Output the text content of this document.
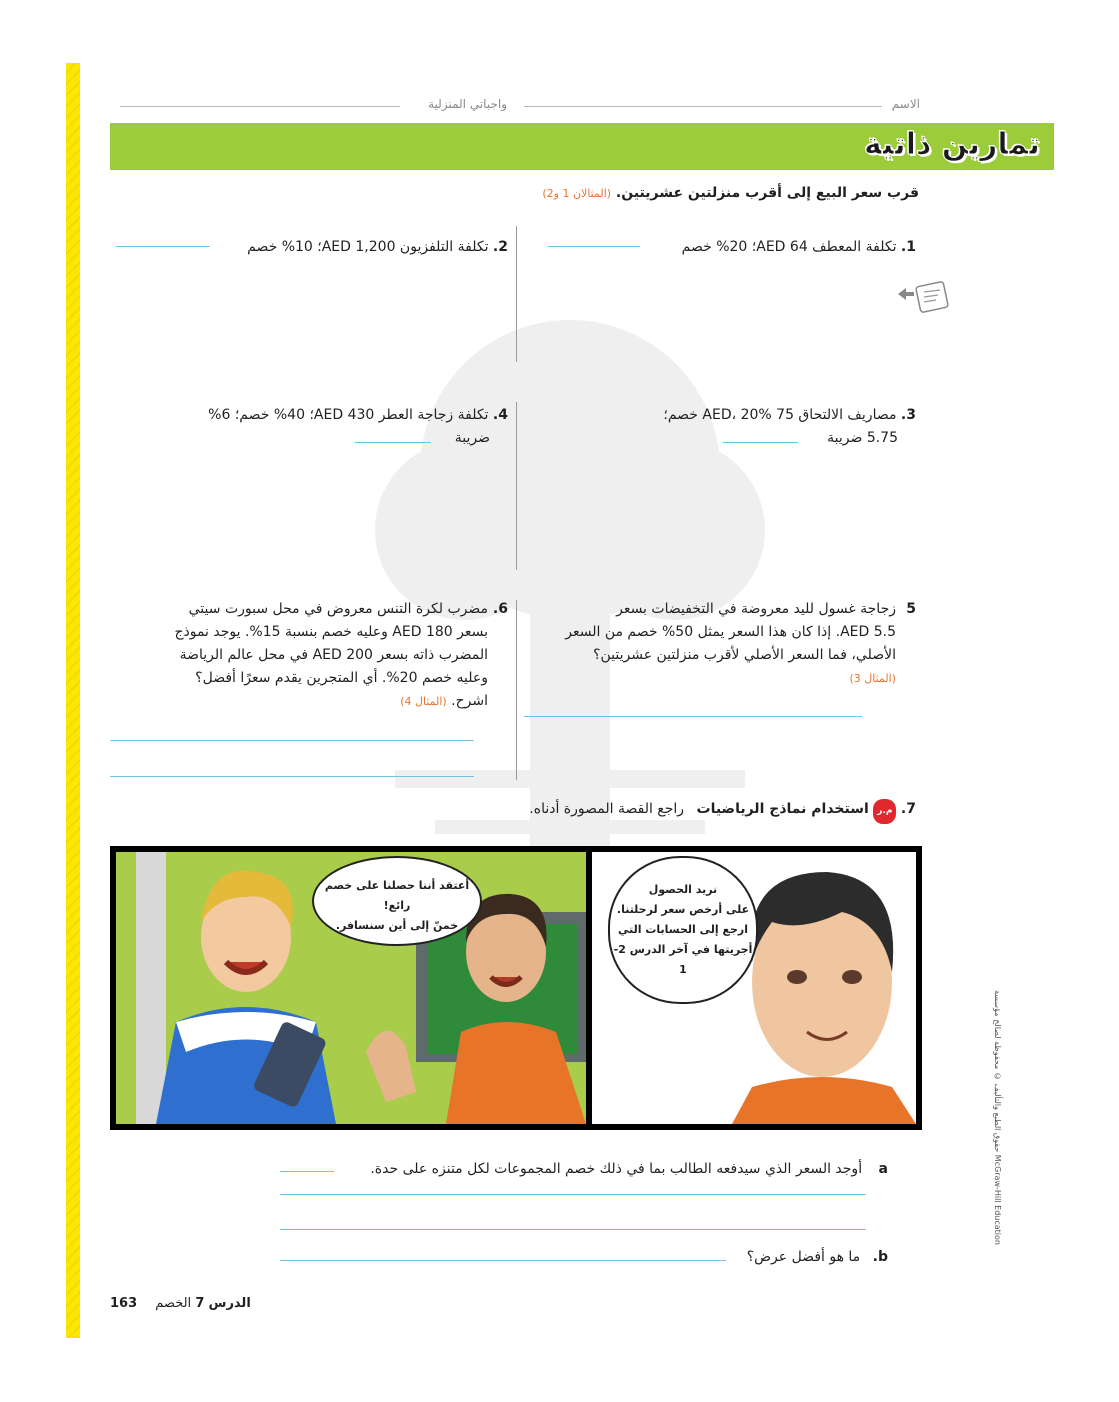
الاسم
واجباتي المنزلية
تمارين ذاتية
قرب سعر البيع إلى أقرب منزلتين عشريتين. (المثالان 1 و2)
1. تكلفة المعطف 64 AED؛ 20% خصم
2. تكلفة التلفزيون 1,200 AED؛ 10% خصم
3. مصاريف الالتحاق 75 AED، 20% خصم؛
5.75 ضريبة
4. تكلفة زجاجة العطر 430 AED؛ 40% خصم؛ 6%
ضريبة
5
زجاجة غسول لليد معروضة في التخفيضات بسعر
AED 5.5. إذا كان هذا السعر يمثل 50% خصم من السعر
الأصلي، فما السعر الأصلي لأقرب منزلتين عشريتين؟
(المثال 3)
6.
مضرب لكرة التنس معروض في محل سبورت سيتي
بسعر 180 AED وعليه خصم بنسبة 15%. يوجد نموذج
المضرب ذاته بسعر 200 AED في محل عالم الرياضة
وعليه خصم 20%. أي المتجرين يقدم سعرًا أفضل؟
اشرح. (المثال 4)
7. م.ر استخدام نماذج الرياضيات راجع القصة المصورة أدناه.
أعتقد أننا حصلنا على خصم رائع!
خمنّ إلى أين سنسافر.
نريد الحصول
على أرخص سعر لرحلتنا.
ارجع إلى الحسابات التي
أجريتها في آخر الدرس 2-1
a أوجد السعر الذي سيدفعه الطالب بما في ذلك خصم المجموعات لكل متنزه على حدة.
b. ما هو أفضل عرض؟
حقوق الطبع والتأليف © محفوظة لصالح مؤسسة McGraw-Hill Education
163	الدرس 7 الخصم
